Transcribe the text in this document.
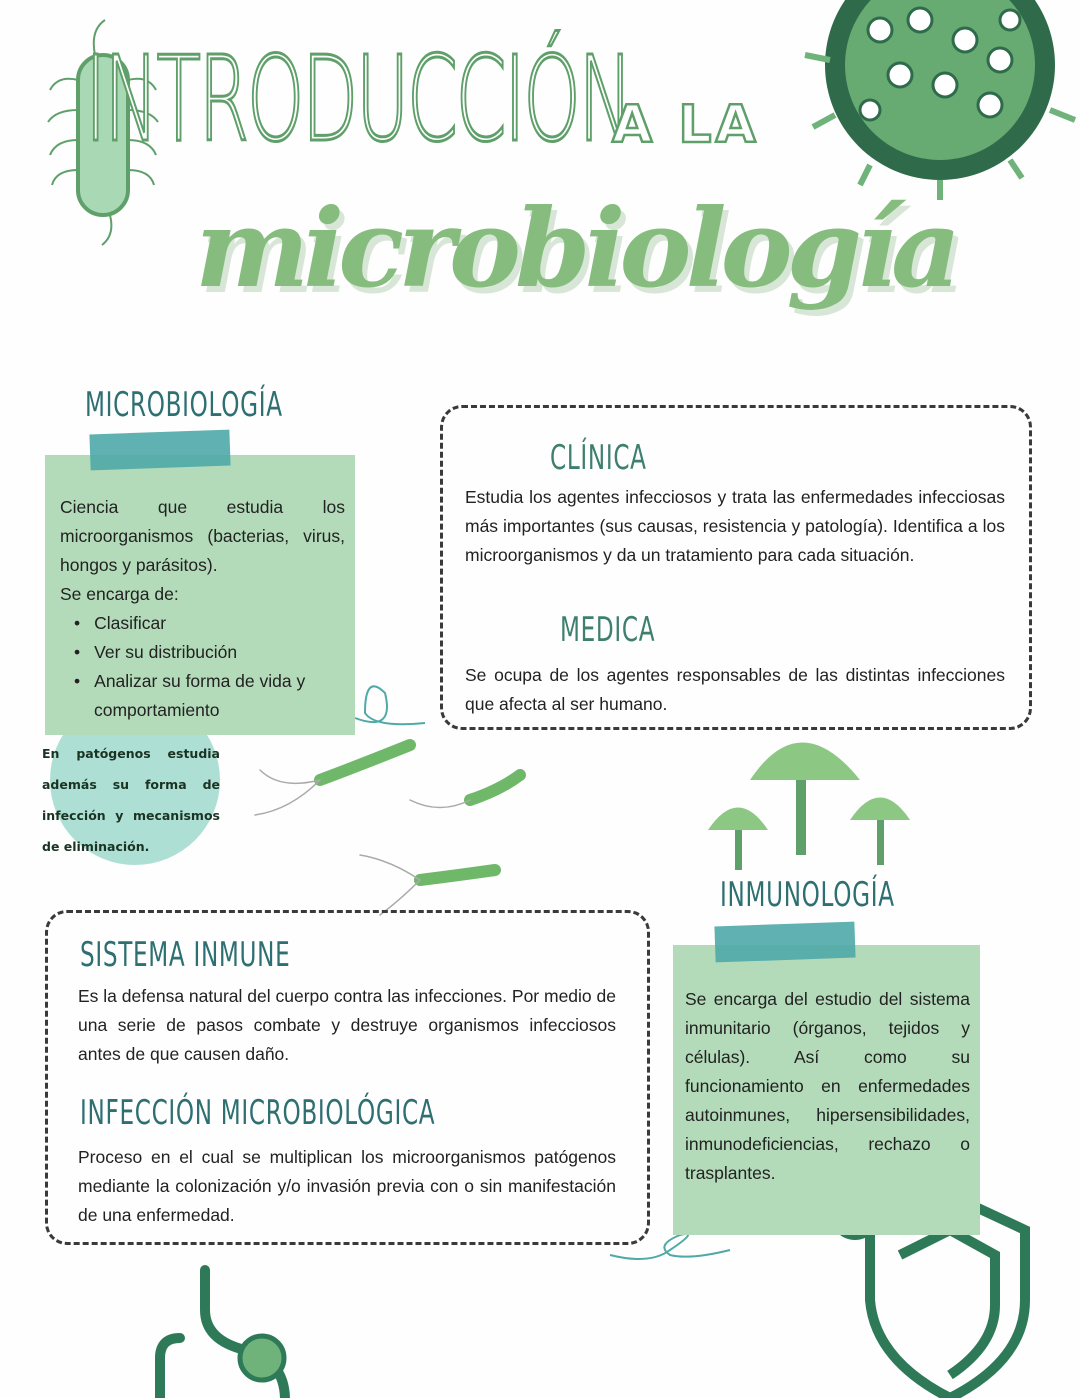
INTRODUCCIÓN
A LA
microbiología
MICROBIOLOGÍA

Ciencia que estudia los microorganismos (bacterias, virus, hongos y parásitos).

Se encarga de:

• Clasificar
• Ver su distribución
• Analizar su forma de vida y comportamiento
En patógenos estudia
además su forma de
infección y mecanismos
de eliminación.
CLÍNICA

Estudia los agentes infecciosos y trata las enfermedades infecciosas más importantes (sus causas, resistencia y patología). Identifica a los microorganismos y da un tratamiento para cada situación.

MEDICA

Se ocupa de los agentes responsables de las distintas infecciones que afecta al ser humano.

SISTEMA INMUNE

Es la defensa natural del cuerpo contra las infecciones. Por medio de una serie de pasos combate y destruye organismos infecciosos antes de que causen daño.

INFECCIÓN MICROBIOLÓGICA

Proceso en el cual se multiplican los microorganismos patógenos mediante la colonización y/o invasión previa con o sin manifestación de una enfermedad.

INMUNOLOGÍA

Se encarga del estudio del sistema inmunitario (órganos, tejidos y células). Así como su funcionamiento en enfermedades autoinmunes, hipersensibilidades, inmunodeficiencias, rechazo o trasplantes.
